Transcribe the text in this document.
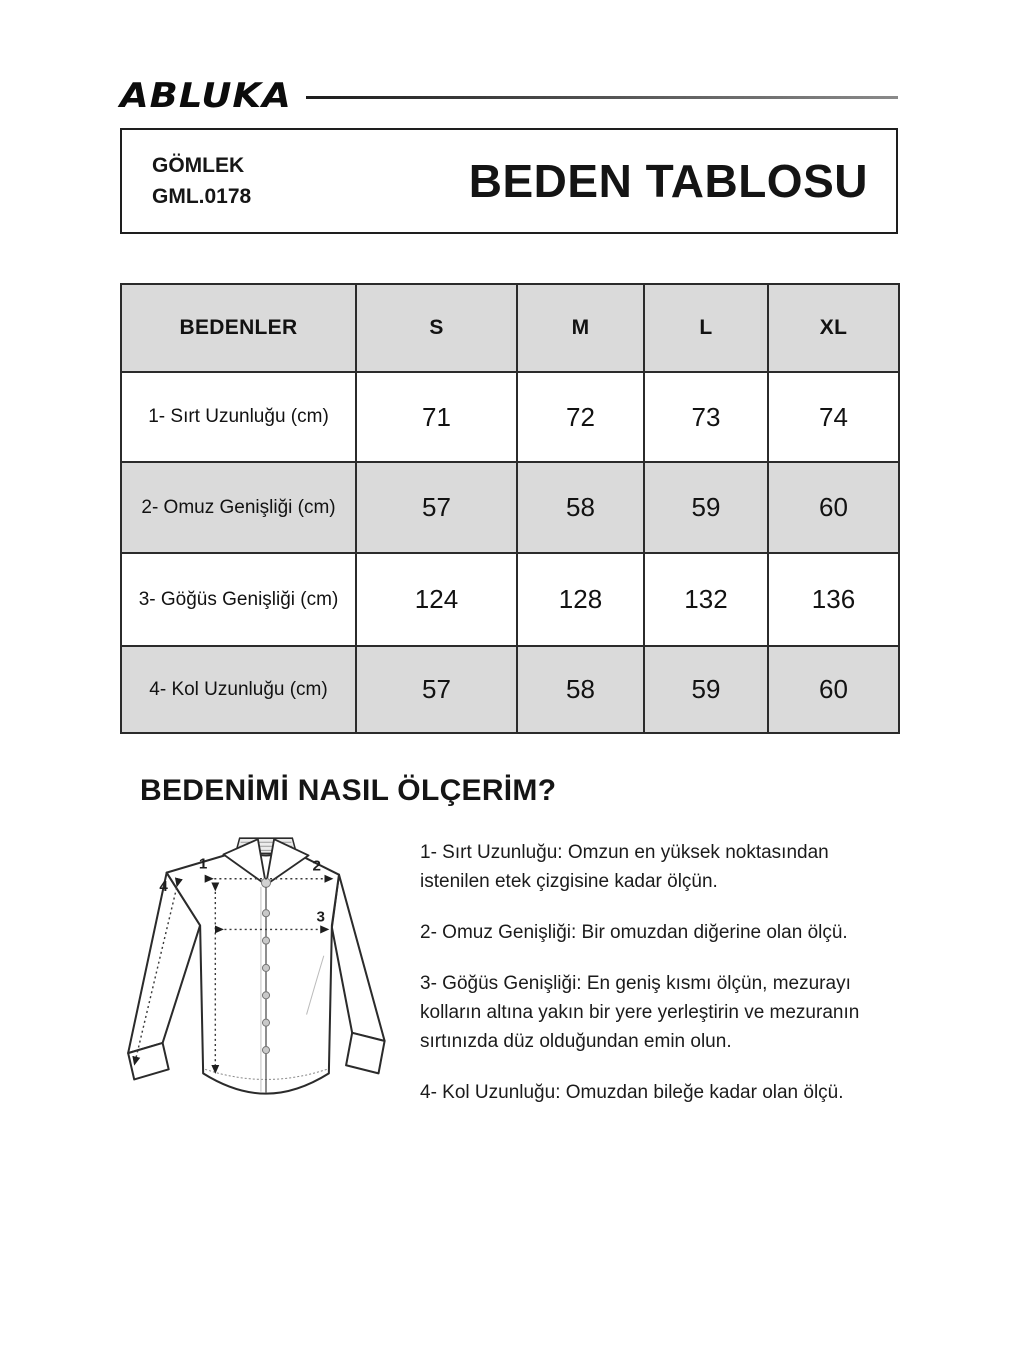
ABLUKA
GÖMLEK
GML.0178	BEDEN TABLOSU
BEDENLER	S	M	L	XL
1- Sırt Uzunluğu (cm)	71	72	73	74
2- Omuz Genişliği (cm)	57	58	59	60
3- Göğüs Genişliği (cm)	124	128	132	136
4- Kol Uzunluğu (cm)	57	58	59	60
BEDENİMİ NASIL ÖLÇERİM?
1	2
3
4

1- Sırt Uzunluğu: Omzun en yüksek noktasından istenilen etek çizgisine kadar ölçün.

2- Omuz Genişliği: Bir omuzdan diğerine olan ölçü.

3- Göğüs Genişliği: En geniş kısmı ölçün, mezurayı kolların altına yakın bir yere yerleştirin ve mezuranın sırtınızda düz olduğundan emin olun.

4- Kol Uzunluğu: Omuzdan bileğe kadar olan ölçü.
